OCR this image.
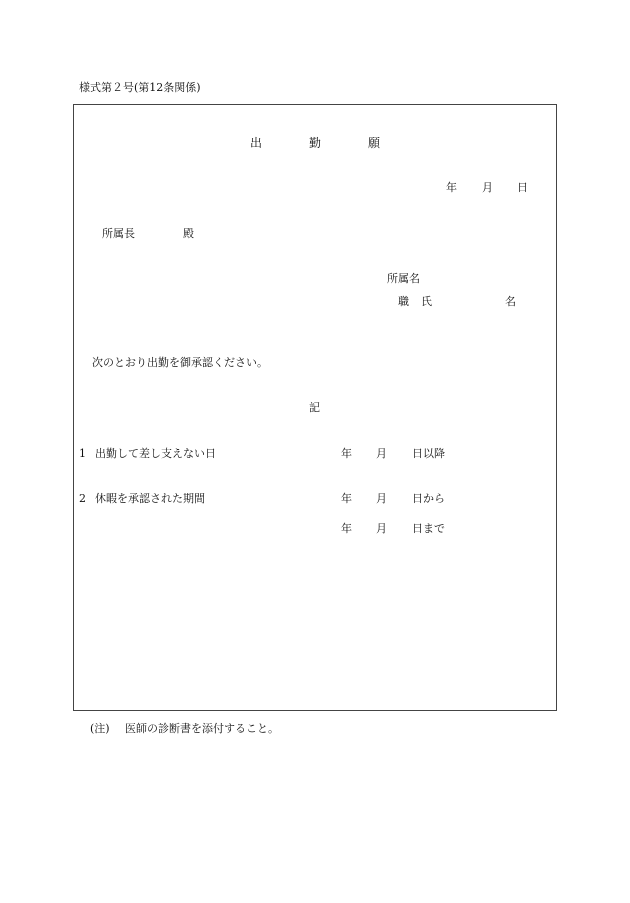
様式第２号(第12条関係)
出	勤	願
年 月 日
所属長	殿
所属名
職 氏	名
次のとおり出勤を御承認ください。
記
1 出勤して差し支えない日	年 月 日以降
2 休暇を承認された期間	年 月 日から
年 月 日まで
(注) 医師の診断書を添付すること。
